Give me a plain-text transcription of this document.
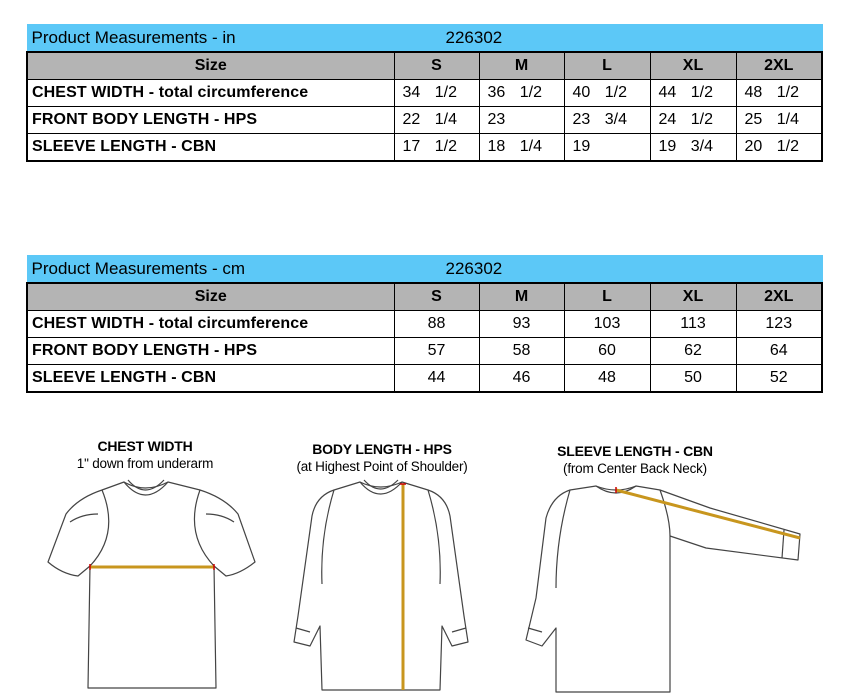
Product Measurements - in	226302				
Size	S	M	L	XL	2XL
CHEST WIDTH - total circumference	34 1/2	36 1/2	40 1/2	44 1/2	48 1/2
FRONT BODY LENGTH - HPS	22 1/4	23	23 3/4	24 1/2	25 1/4
SLEEVE LENGTH - CBN	17 1/2	18 1/4	19	19 3/4	20 1/2
Product Measurements - cm	226302				
Size	S	M	L	XL	2XL
CHEST WIDTH - total circumference	88	93	103	113	123
FRONT BODY LENGTH - HPS	57	58	60	62	64
SLEEVE LENGTH - CBN	44	46	48	50	52
CHEST WIDTH
1" down from underarm
BODY LENGTH - HPS
(at Highest Point of Shoulder)
SLEEVE LENGTH - CBN
(from Center Back Neck)
